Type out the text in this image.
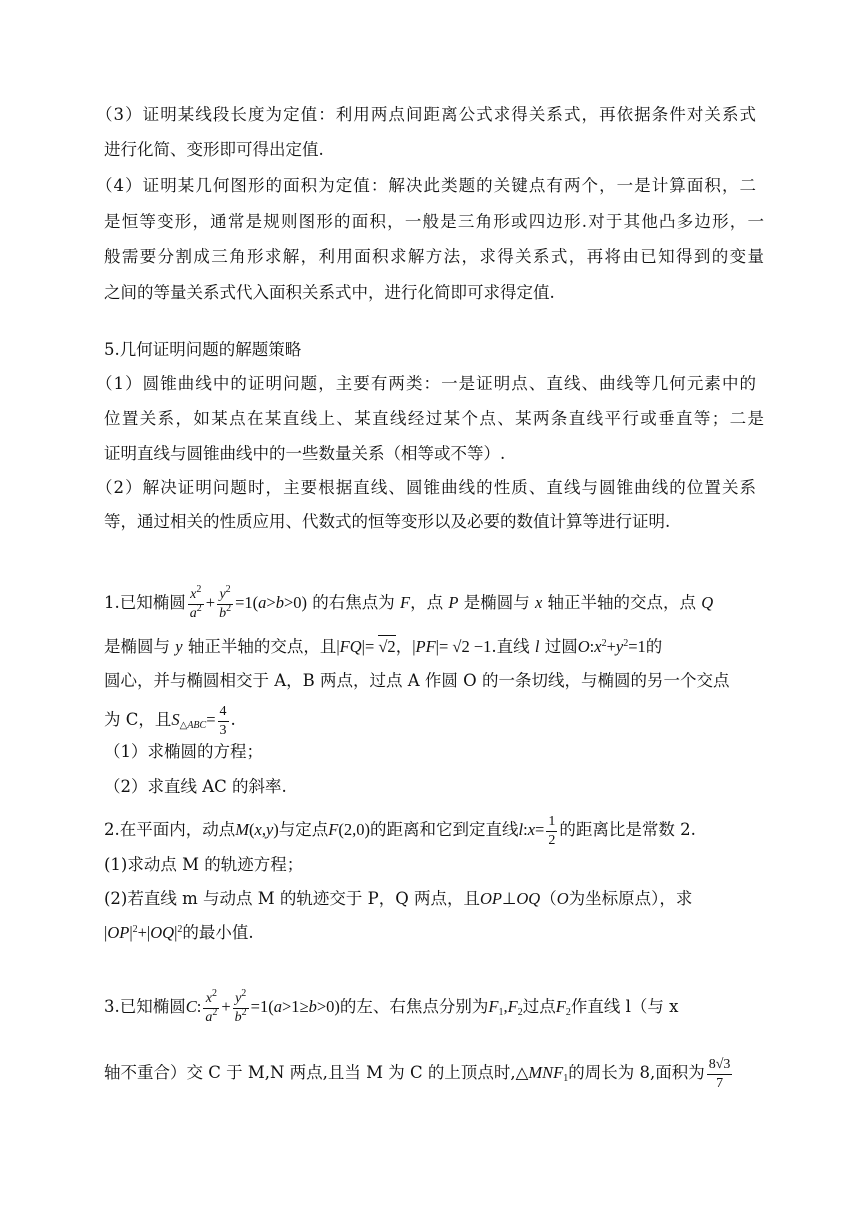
（3）证明某线段长度为定值：利用两点间距离公式求得关系式，再依据条件对关系式
进行化简、变形即可得出定值.
（4）证明某几何图形的面积为定值：解决此类题的关键点有两个，一是计算面积，二
是恒等变形，通常是规则图形的面积，一般是三角形或四边形.对于其他凸多边形，一
般需要分割成三角形求解，利用面积求解方法，求得关系式，再将由已知得到的变量
之间的等量关系式代入面积关系式中，进行化简即可求得定值.
5.几何证明问题的解题策略
（1）圆锥曲线中的证明问题，主要有两类：一是证明点、直线、曲线等几何元素中的
位置关系，如某点在某直线上、某直线经过某个点、某两条直线平行或垂直等；二是
证明直线与圆锥曲线中的一些数量关系（相等或不等）.
（2）解决证明问题时，主要根据直线、圆锥曲线的性质、直线与圆锥曲线的位置关系
等，通过相关的性质应用、代数式的恒等变形以及必要的数值计算等进行证明.
1.已知椭圆 $\frac{x^2}{a^2} + \frac{y^2}{b^2} =1(a>b>0)$ 的右焦点为 F，点 P 是椭圆与 x 轴正半轴的交点，点 Q
是椭圆与 y 轴正半轴的交点，且|FQ|= √2，|PF|= √2 −1.直线 l 过圆$O:x^2+y^2=1$的
圆心，并与椭圆相交于 A，B 两点，过点 A 作圆 O 的一条切线，与椭圆的另一个交点
为 C，且$S_{\triangle ABC}= \frac{4}{3}$ .
（1）求椭圆的方程；
（2）求直线 AC 的斜率.
2.在平面内，动点M(x,y)与定点F(2,0)的距离和它到定直线l:x= $\frac{1}{2}$ 的距离比是常数 2.
(1)求动点 M 的轨迹方程；
(2)若直线 m 与动点 M 的轨迹交于 P，Q 两点，且OP⊥OQ（O为坐标原点），求
$|OP|^2+|OQ|^2$的最小值.
3.已知椭圆C: $\frac{x^2}{a^2} + \frac{y^2}{b^2} =1(a>1\ge b>0)$的左、右焦点分别为$F_1,F_2$过点$F_2$作直线 l（与 x
轴不重合）交 C 于 M,N 两点,且当 M 为 C 的上顶点时$,\triangle MNF_1$的周长为 8,面积为 $\frac{8√3}{7}$
